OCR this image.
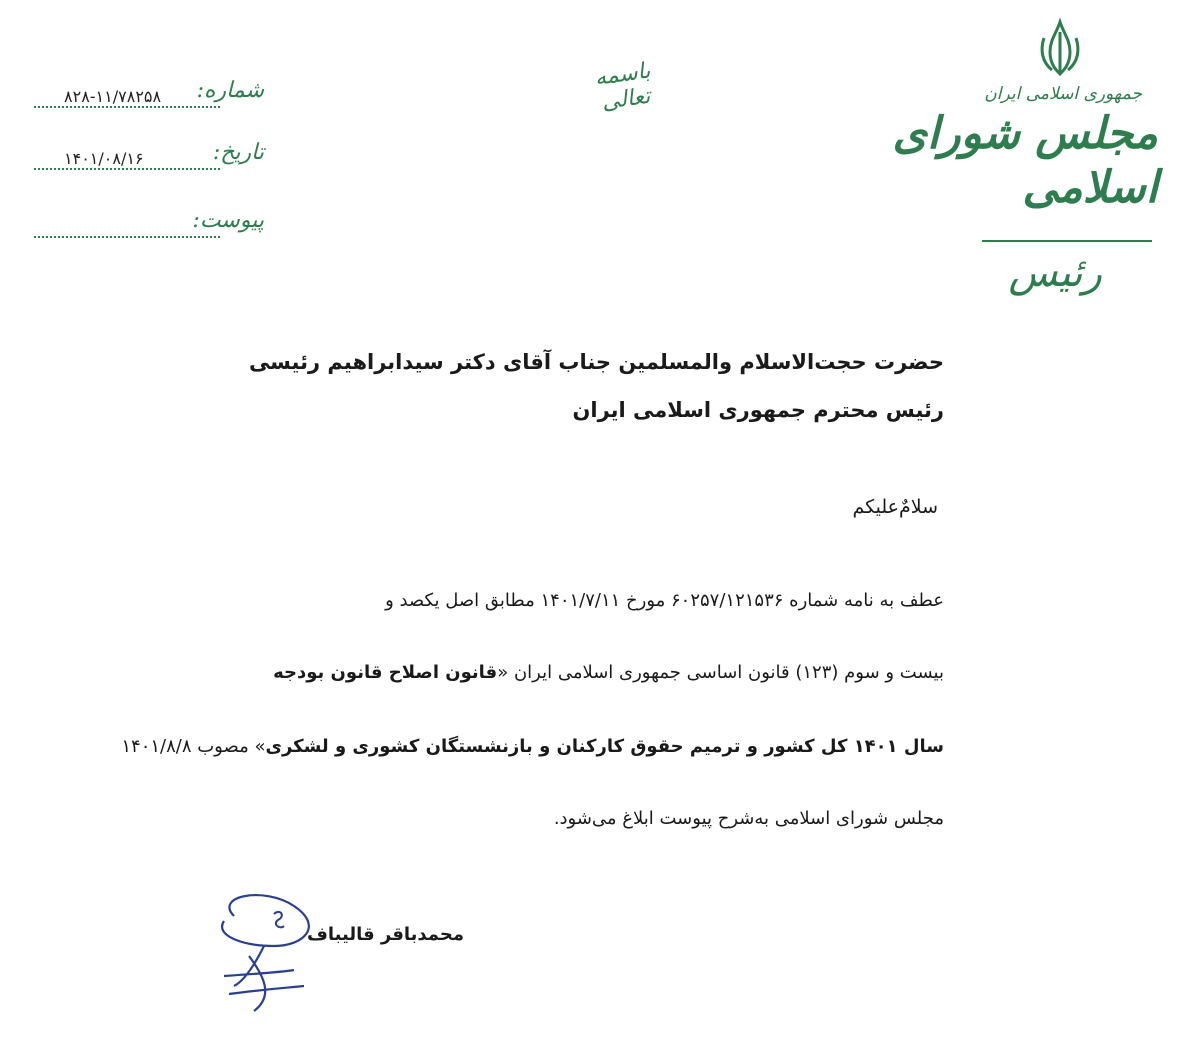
جمهوری اسلامی ایران
مجلس شورای
اسلامی
رئیس
باسمه تعالی
شماره:
۸۲۸-۱۱/۷۸۲۵۸
تاریخ:
۱۴۰۱/۰۸/۱۶
پیوست:
حضرت حجت‌الاسلام والمسلمین جناب آقای دکتر سیدابراهیم رئیسی
رئیس محترم جمهوری اسلامی ایران
سلامٌ‌علیکم
عطف به نامه شماره ۶۰۲۵۷/۱۲۱۵۳۶ مورخ ۱۴۰۱/۷/۱۱ مطابق اصل یکصد و
بیست و سوم (۱۲۳) قانون اساسی جمهوری اسلامی ایران «قانون اصلاح قانون بودجه
سال ۱۴۰۱ کل کشور و ترمیم حقوق کارکنان و بازنشستگان کشوری و لشکری» مصوب ۱۴۰۱/۸/۸
مجلس شورای اسلامی به‌شرح پیوست ابلاغ می‌شود.
محمدباقر قالیباف
